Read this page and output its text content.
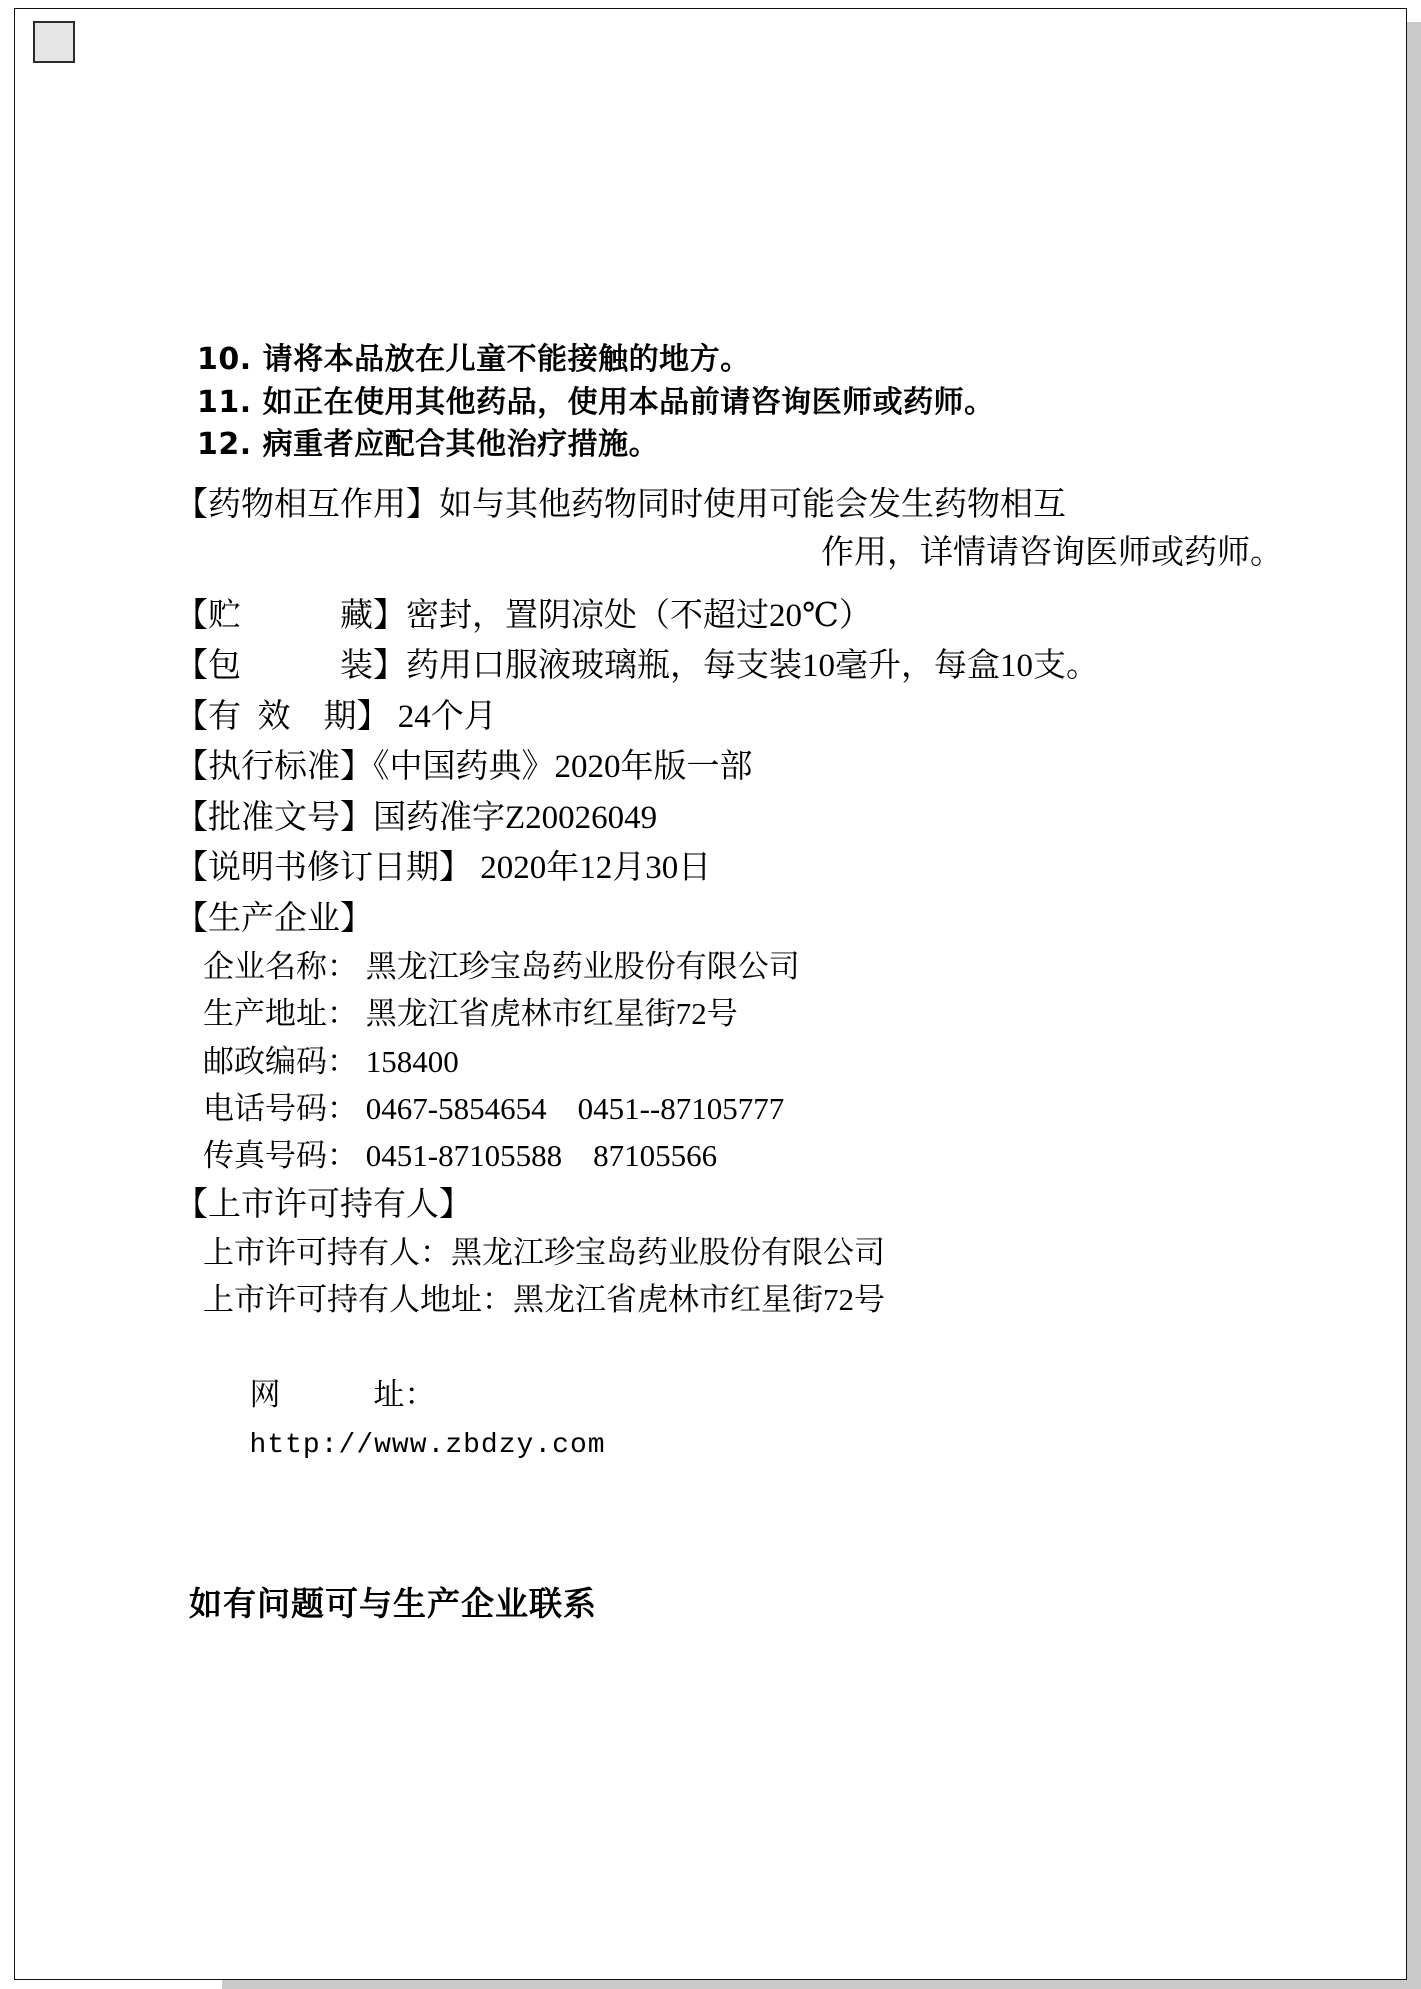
10. 请将本品放在儿童不能接触的地方。
11. 如正在使用其他药品，使用本品前请咨询医师或药师。
12. 病重者应配合其他治疗措施。
【药物相互作用】如与其他药物同时使用可能会发生药物相互
作用，详情请咨询医师或药师。
【贮　　　藏】密封，置阴凉处（不超过20℃）
【包　　　装】药用口服液玻璃瓶，每支装10毫升，每盒10支。
【有  效　期】 24个月
【执行标准】《中国药典》2020年版一部
【批准文号】国药准字Z20026049
【说明书修订日期】 2020年12月30日
【生产企业】
企业名称： 黑龙江珍宝岛药业股份有限公司
生产地址： 黑龙江省虎林市红星街72号
邮政编码： 158400
电话号码： 0467-5854654    0451--87105777
传真号码： 0451-87105588    87105566
【上市许可持有人】
上市许可持有人：黑龙江珍宝岛药业股份有限公司
上市许可持有人地址：黑龙江省虎林市红星街72号

网　　　址：
http://www.zbdzy.com

如有问题可与生产企业联系
